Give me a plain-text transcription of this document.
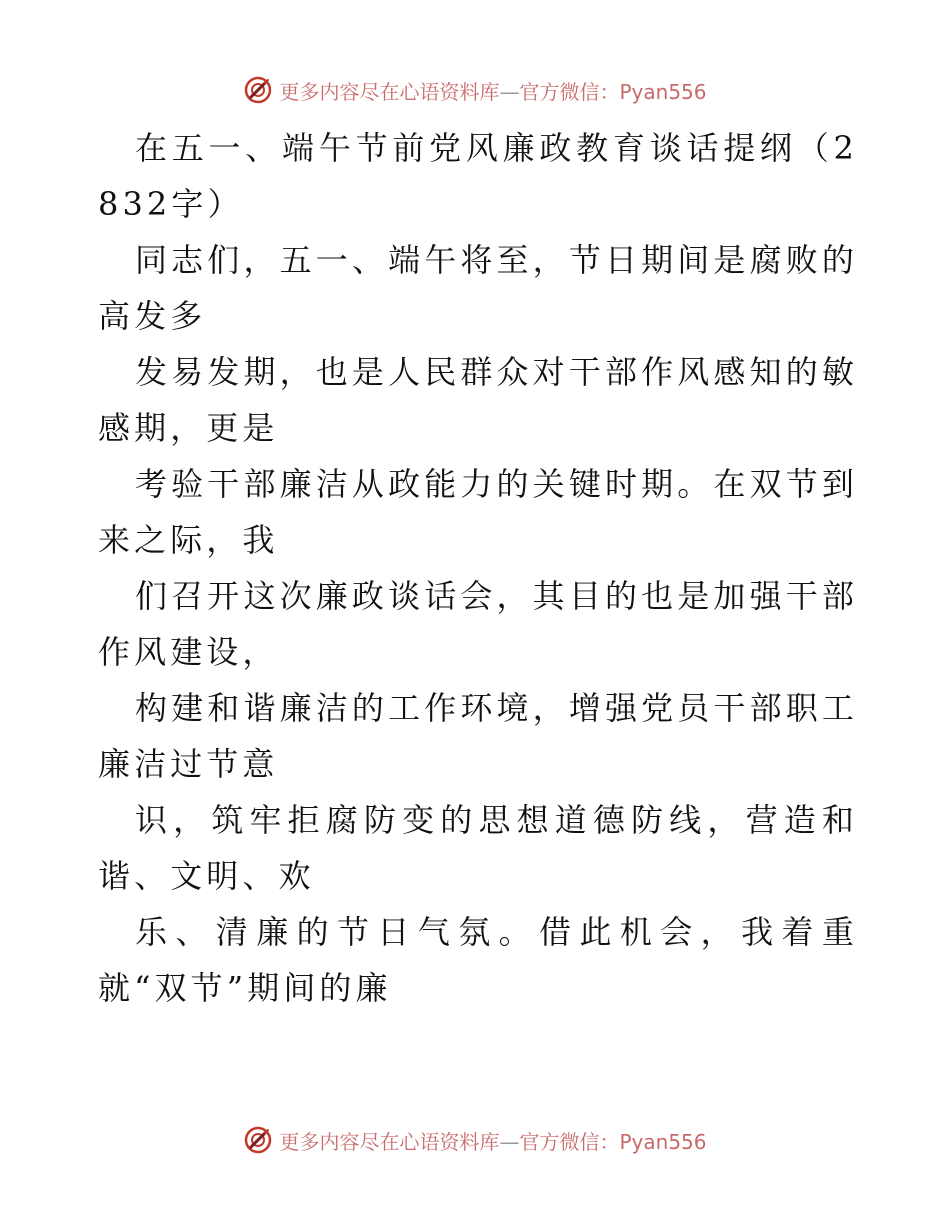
更多内容尽在心语资料库—官方微信：Pyan556

在五一、端午节前党风廉政教育谈话提纲（2832字）

同志们，五一、端午将至，节日期间是腐败的高发多

发易发期，也是人民群众对干部作风感知的敏感期，更是

考验干部廉洁从政能力的关键时期。在双节到来之际，我

们召开这次廉政谈话会，其目的也是加强干部作风建设，

构建和谐廉洁的工作环境，增强党员干部职工廉洁过节意

识，筑牢拒腐防变的思想道德防线，营造和谐、文明、欢

乐、清廉的节日气氛。借此机会，我着重就“双节”期间的廉

更多内容尽在心语资料库—官方微信：Pyan556
